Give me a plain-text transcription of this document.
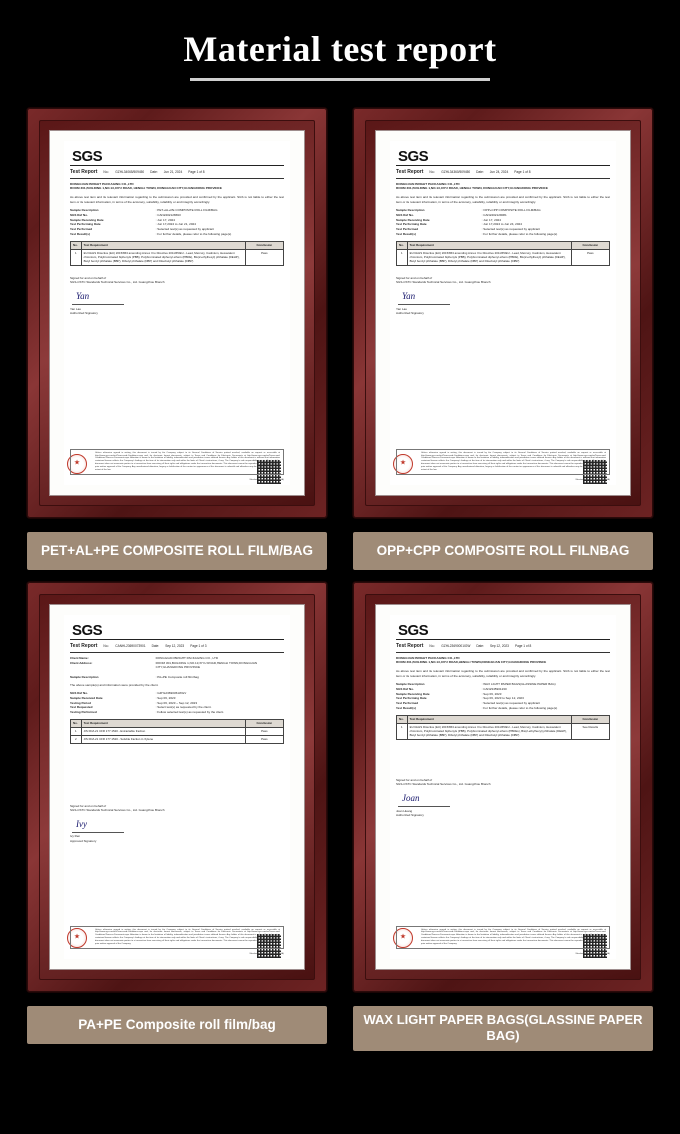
Material test report
SGS
Test Report No.: GZHL34065/509450 Date: Jun 21, 2024 Page 1 of 8
DONGGUAN BRIGHT PACKAGING CO.,LTD
ROOM 301,BUILDING 1,NO.13,XIYU ROAD, HENGLI TOWN, DONGGUAN CITY,GUANGDONG PROVINCE
As above test item and its relevant information regarding to the submission are provided and confirmed by the applicant. SGS is not liable to either the test item or its relevant information, in terms of the accuracy, suitability, reliability or and integrity accordingly.
Sample Description	: PET+AL+PE COMPOSITE ROLL FILM/BAG
SGS Ref No.	: CAN2402128693
Sample Receiving Date	: Jun 17, 2024
Test Performing Date	: Jun 17,2024 to Jun 21, 2024
Test Performed	: Selected test(s) as requested by applicant
Test Result(s)	: For further details, please refer to the following page(s)
No.	Test Requirement	Conclusion
1	EU RoHS Directive (EU) 2015/863 amending Annex II to Directive 2011/65/EU - Lead, Mercury, Cadmium, Hexavalent chromium, Polybrominated biphenyls (PBB), Polybrominated diphenyl ethers (PBDE), Bis(2-ethylhexyl) phthalate (DEHP), Butyl benzyl phthalate (BBP), Dibutyl phthalate (DBP) and Diisobutyl phthalate (DIBP)	Pass
Signed for and on behalf of
SGS-CSTC Standards Technical Services Co., Ltd. Guangzhou Branch
Yan
Yan Lau
Authorized Signatory
★
Unless otherwise agreed in writing, this document is issued by the Company subject to its General Conditions of Service printed overleaf, available on request or accessible at http://www.sgs.com/en/Terms-and-Conditions.aspx and, for electronic format documents, subject to Terms and Conditions for Electronic Documents at http://www.sgs.com/en/Terms-and-Conditions/Terms-e-Document.aspx. Attention is drawn to the limitation of liability, indemnification and jurisdiction issues defined therein. Any holder of this document is advised that information contained hereon reflects the Company's findings at the time of its intervention only and within the limits of Client's instructions, if any. The Company's sole responsibility is to its Client and this document does not exonerate parties to a transaction from exercising all their rights and obligations under the transaction documents. This document cannot be reproduced except in full, without prior written approval of the Company. Any unauthorized alteration, forgery or falsification of the content or appearance of this document is unlawful and offenders may be prosecuted to the fullest extent of the law.
Member of the SGS Group (SGS SA)
PET+AL+PE COMPOSITE ROLL FILM/BAG
SGS
Test Report No.: GZHL34360/509450 Date: Jun 24, 2024 Page 1 of 8
DONGGUAN BRIGHT PACKAGING CO.,LTD
ROOM 301,BUILDING 1,NO.13,XIYU ROAD, HENGLI TOWN, DONGGUAN CITY,GUANGDONG PROVINCE
As above test item and its relevant information regarding to the submission are provided and confirmed by the applicant. SGS is not liable to either the test item or its relevant information, in terms of the accuracy, suitability, reliability or and integrity accordingly.
Sample Description	: OPP+CPP COMPOSITE ROLL FILM/BAG
SGS Ref No.	: CAN2402129081
Sample Receiving Date	: Jun 17, 2024
Test Performing Date	: Jun 17,2024 to Jun 24, 2024
Test Performed	: Selected test(s) as requested by applicant
Test Result(s)	: For further details, please refer to the following page(s)
No.	Test Requirement	Conclusion
1	EU RoHS Directive (EU) 2015/863 amending Annex II to Directive 2011/65/EU - Lead, Mercury, Cadmium, Hexavalent chromium, Polybrominated biphenyls (PBB), Polybrominated diphenyl ethers (PBDE), Bis(2-ethylhexyl) phthalate (DEHP), Butyl benzyl phthalate (BBP), Dibutyl phthalate (DBP) and Diisobutyl phthalate (DIBP)	Pass
Signed for and on behalf of
SGS-CSTC Standards Technical Services Co., Ltd. Guangzhou Branch
Yan
Yan Lau
Authorized Signatory
★
Unless otherwise agreed in writing, this document is issued by the Company subject to its General Conditions of Service printed overleaf, available on request or accessible at http://www.sgs.com/en/Terms-and-Conditions.aspx and, for electronic format documents, subject to Terms and Conditions for Electronic Documents at http://www.sgs.com/en/Terms-and-Conditions/Terms-e-Document.aspx. Attention is drawn to the limitation of liability, indemnification and jurisdiction issues defined therein. Any holder of this document is advised that information contained hereon reflects the Company's findings at the time of its intervention only and within the limits of Client's instructions, if any. The Company's sole responsibility is to its Client and this document does not exonerate parties to a transaction from exercising all their rights and obligations under the transaction documents. This document cannot be reproduced except in full, without prior written approval of the Company. Any unauthorized alteration, forgery or falsification of the content or appearance of this document is unlawful and offenders may be prosecuted to the fullest extent of the law.
Member of the SGS Group (SGS SA)
OPP+CPP COMPOSITE ROLL FILNBAG
SGS
Test Report No.: CANHL23690073901 Date: Sep 12, 2023 Page 1 of 3
Client Name:	DONGGUAN BRIGHT PACKAGING CO., LTD
Client Address:	ROOM 301,BUILDING 1,NO.13,XIYU ROAD,HENGLI TOWN,DONGGUAN CITY,GUANGDONG PROVINCE
Sample Description	: PA+PE Composite roll film/bag
The above sample(s) and information were provided by the client.
SGS Ref No.	: GZHL23690361WGV
Sample Received Date	: Sep 06, 2023
Testing Period	: Sep 06, 2023 ~ Sep 12, 2023
Test Requested	: Select test(s) as requested by the client.
Testing Performed	: Follow selected test(s) as requested by the client.
No.	Test Requirement	Conclusion
1	JIS FDA 21 CFR 177.1520 - Extractable fraction	Pass
2	JIS FDA 21 CFR 177.1520 - Soluble fraction in Xylene	Pass
Signed for and on behalf of
SGS-CSTC Standards Technical Services Co., Ltd. Guangzhou Branch
Ivy
Ivy Ren
Approved Signatory
★
Unless otherwise agreed in writing, this document is issued by the Company subject to its General Conditions of Service printed overleaf, available on request or accessible at http://www.sgs.com/en/Terms-and-Conditions.aspx and, for electronic format documents, subject to Terms and Conditions for Electronic Documents at http://www.sgs.com/en/Terms-and-Conditions/Terms-e-Document.aspx. Attention is drawn to the limitation of liability, indemnification and jurisdiction issues defined therein. Any holder of this document is advised that information contained hereon reflects the Company's findings at the time of its intervention only and within the limits of Client's instructions, if any. The Company's sole responsibility is to its Client and this document does not exonerate parties to a transaction from exercising all their rights and obligations under the transaction documents. This document cannot be reproduced except in full, without prior written approval of the Company.
Member of the SGS Group (SGS SA)
PA+PE Composite roll film/bag
SGS
Test Report No.: GZHL23690001IGW Date: Sep 12, 2023 Page 1 of 8
DONGGUAN BRIGHT PACKAGING CO.,LTD
ROOM 301,BUILDING 1,NO.13,XIYU ROAD,HENGLI TOWN,DONGGUAN CITY,GUANGDONG PROVINCE
As above test item and its relevant information regarding to the submission are provided and confirmed by the applicant. SGS is not liable to either the test item or its relevant information, in terms of the accuracy, suitability, reliability or and integrity accordingly.
Sample Description	: WAX LIGHT PAPER BAGS(GLASSINE PAPER BAG)
SGS Ref No.	: CAN2345901230
Sample Receiving Date	: Sep 06, 2023
Test Performing Date	: Sep 06, 2023 to Sep 12, 2023
Test Performed	: Selected test(s) as requested by applicant
Test Result(s)	: For further details, please refer to the following page(s)
No.	Test Requirement	Conclusion
1	EU RoHS Directive (EU) 2015/863 amending Annex II to Directive 2011/65/EU - Lead, Mercury, Cadmium, Hexavalent chromium, Polybrominated biphenyls (PBB), Polybrominated diphenyl ethers (PBDEs), Bis(2-ethylhexyl) phthalate (DEHP), Butyl benzyl phthalate (BBP), Dibutyl phthalate (DBP) and Diisobutyl phthalate (DIBP)	See Results
Signed for and on behalf of
SGS-CSTC Standards Technical Services Co., Ltd. Guangzhou Branch
Joan
Joan Huang
Authorized Signatory
★
Unless otherwise agreed in writing, this document is issued by the Company subject to its General Conditions of Service printed overleaf, available on request or accessible at http://www.sgs.com/en/Terms-and-Conditions.aspx and, for electronic format documents, subject to Terms and Conditions for Electronic Documents at http://www.sgs.com/en/Terms-and-Conditions/Terms-e-Document.aspx. Attention is drawn to the limitation of liability, indemnification and jurisdiction issues defined therein. Any holder of this document is advised that information contained hereon reflects the Company's findings at the time of its intervention only and within the limits of Client's instructions, if any. The Company's sole responsibility is to its Client and this document does not exonerate parties to a transaction from exercising all their rights and obligations under the transaction documents. This document cannot be reproduced except in full, without prior written approval of the Company.
Member of the SGS Group (SGS SA)
WAX LIGHT PAPER BAGS(GLASSINE PAPER BAG)
